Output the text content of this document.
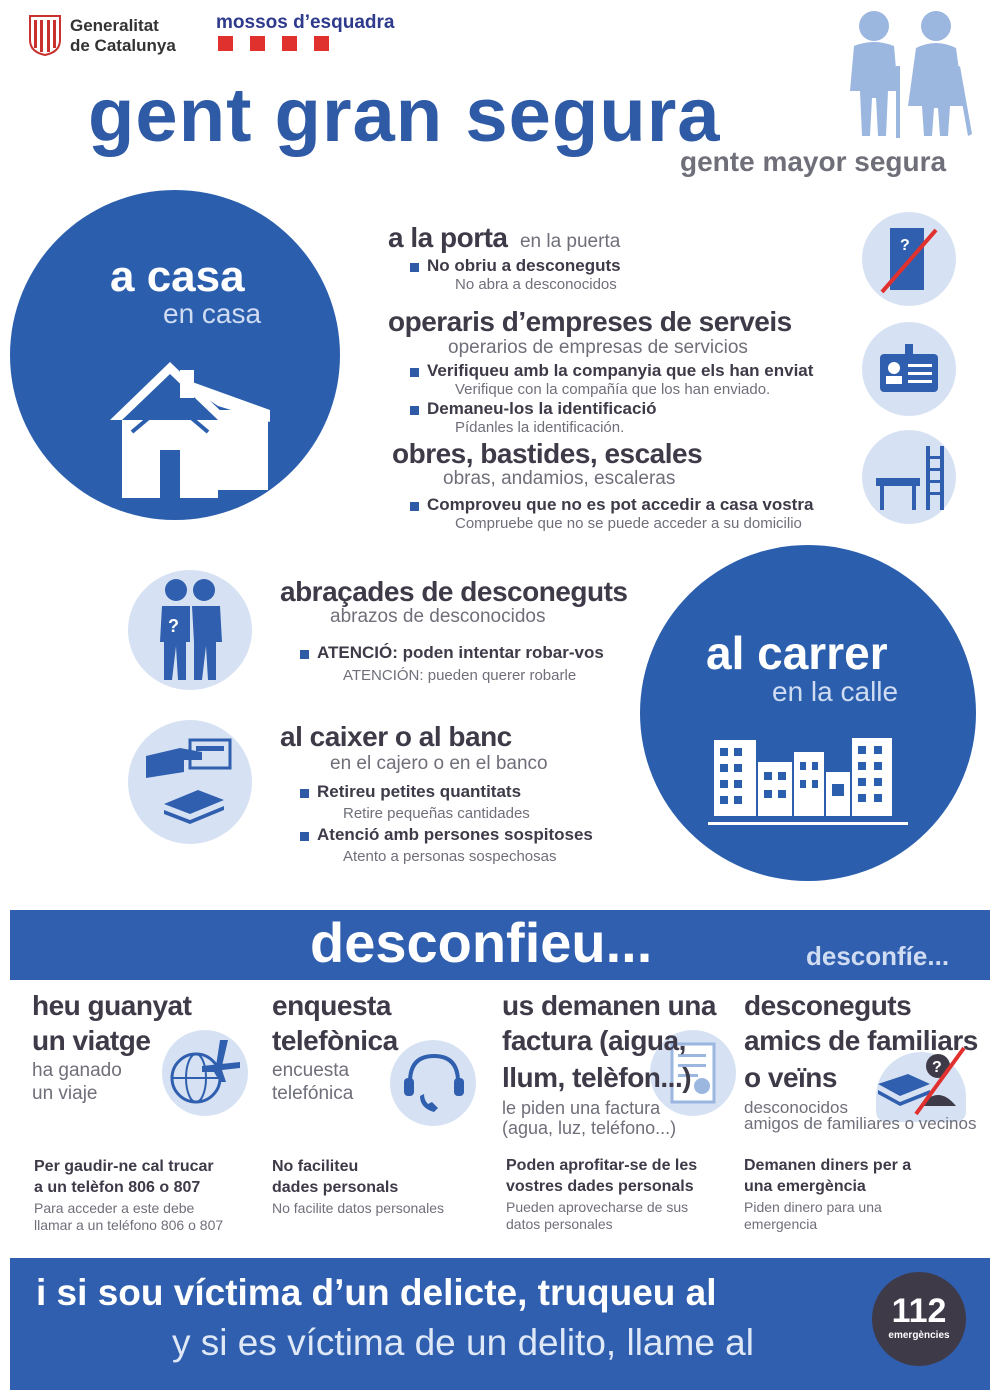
Generalitat
de Catalunya
mossos d’esquadra
gent gran segura
gente mayor segura
a casa
en casa
a la porta en la puerta
No obriu a desconeguts
No abra a desconocidos
?
operaris d’empreses de serveis
operarios de empresas de servicios
Verifiqueu amb la companyia que els han enviat
Verifique con la compañía que los han enviado.
Demaneu-los la identificació
Pídanles la identificación.
obres, bastides, escales
obras, andamios, escaleras
Comproveu que no es pot accedir a casa vostra
Compruebe que no se puede acceder a su domicilio
?
abraçades de desconeguts
abrazos de desconocidos
ATENCIÓ: poden intentar robar-vos
ATENCIÓN: pueden querer robarle
al caixer o al banc
en el cajero o en el banco
Retireu petites quantitats
Retire pequeñas cantidades
Atenció amb persones sospitoses
Atento a personas sospechosas
al carrer
en la calle
desconfieu...	desconfíe...
heu guanyat
un viatge
ha ganado
un viaje
Per gaudir-ne cal trucar
a un telèfon 806 o 807
Para acceder a este debe
llamar a un teléfono 806 o 807
enquesta
telefònica
encuesta
telefónica
No faciliteu
dades personals
No facilite datos personales
us demanen una
factura (aigua,
llum, telèfon...)
le piden una factura
(agua, luz, teléfono...)
Poden aprofitar-se de les
vostres dades personals
Pueden aprovecharse de sus
datos personales
?
desconeguts
amics de familiars
o veïns
desconocidos
amigos de familiares o vecinos
Demanen diners per a
una emergència
Piden dinero para una
emergencia
i si sou víctima d’un delicte, truqueu al
y si es víctima de un delito, llame al
112
emergències
